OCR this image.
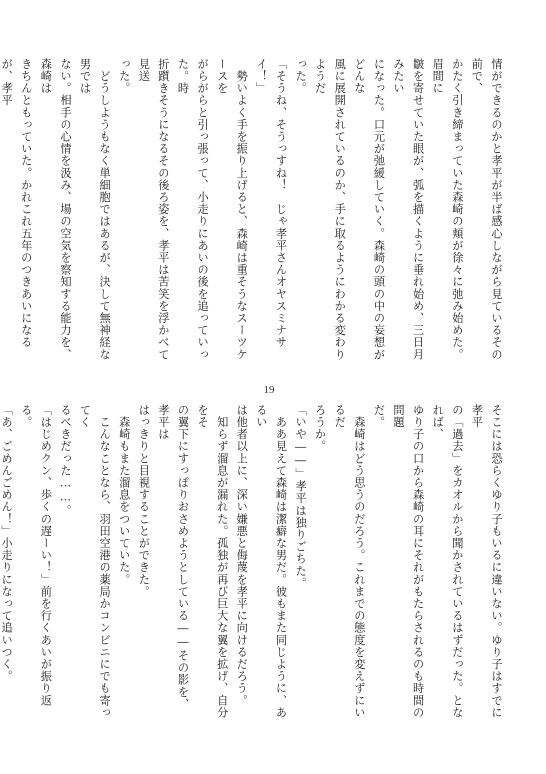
情ができるのかと孝平が半ば感心しながら見ているその前で、
かたく引き締まっていた森崎の頬が徐々に弛み始めた。眉間に
皺を寄せていた眼が、弧を描くように垂れ始め、三日月みたい
になった。口元が弛緩していく。森崎の頭の中の妄想がどんな
風に展開されているのか、手に取るようにわかる変わりようだ
った。
「そうね、そうっすね！　じゃ孝平さんオヤスミナサイ！」
　勢いよく手を振り上げると、森崎は重そうなスーツケースを
がらがらと引っ張って、小走りにあいの後を追っていった。時
折躓きそうになるその後ろ姿を、孝平は苦笑を浮かべて見送
った。
　どうしようもなく単細胞ではあるが、決して無神経な男では
ない。相手の心情を汲み、場の空気を察知する能力を、森崎は
きちんともっていた。かれこれ五年のつきあいになるが、孝平

19
そこには恐らくゆり子もいるに違いない。ゆり子はすでに孝平
の「過去」をカオルから聞かされているはずだった。となれば、
ゆり子の口から森崎の耳にそれがもたらされるのも時間の問題
だ。
　森崎はどう思うのだろう。これまでの態度を変えずにいるだ
ろうか。
「いや――」孝平は独りごちた。
　ああ見えて森崎は潔癖な男だ。彼もまた同じように、あるい
は他者以上に、深い嫌悪と侮蔑を孝平に向けるだろう。
　知らず溜息が漏れた。孤独が再び巨大な翼を拡げ、自分をそ
の翼下にすっぽりおさめようとしている――その影を、孝平は
はっきりと目視することができた。
　森崎もまた溜息をついていた。
　こんなことなら、羽田空港の薬局かコンビニにでも寄ってく
るべきだった……。
「はじめクン、歩くの遅ーい！」前を行くあいが振り返る。
「あ、ごめんごめん！」小走りになって追いつく。
